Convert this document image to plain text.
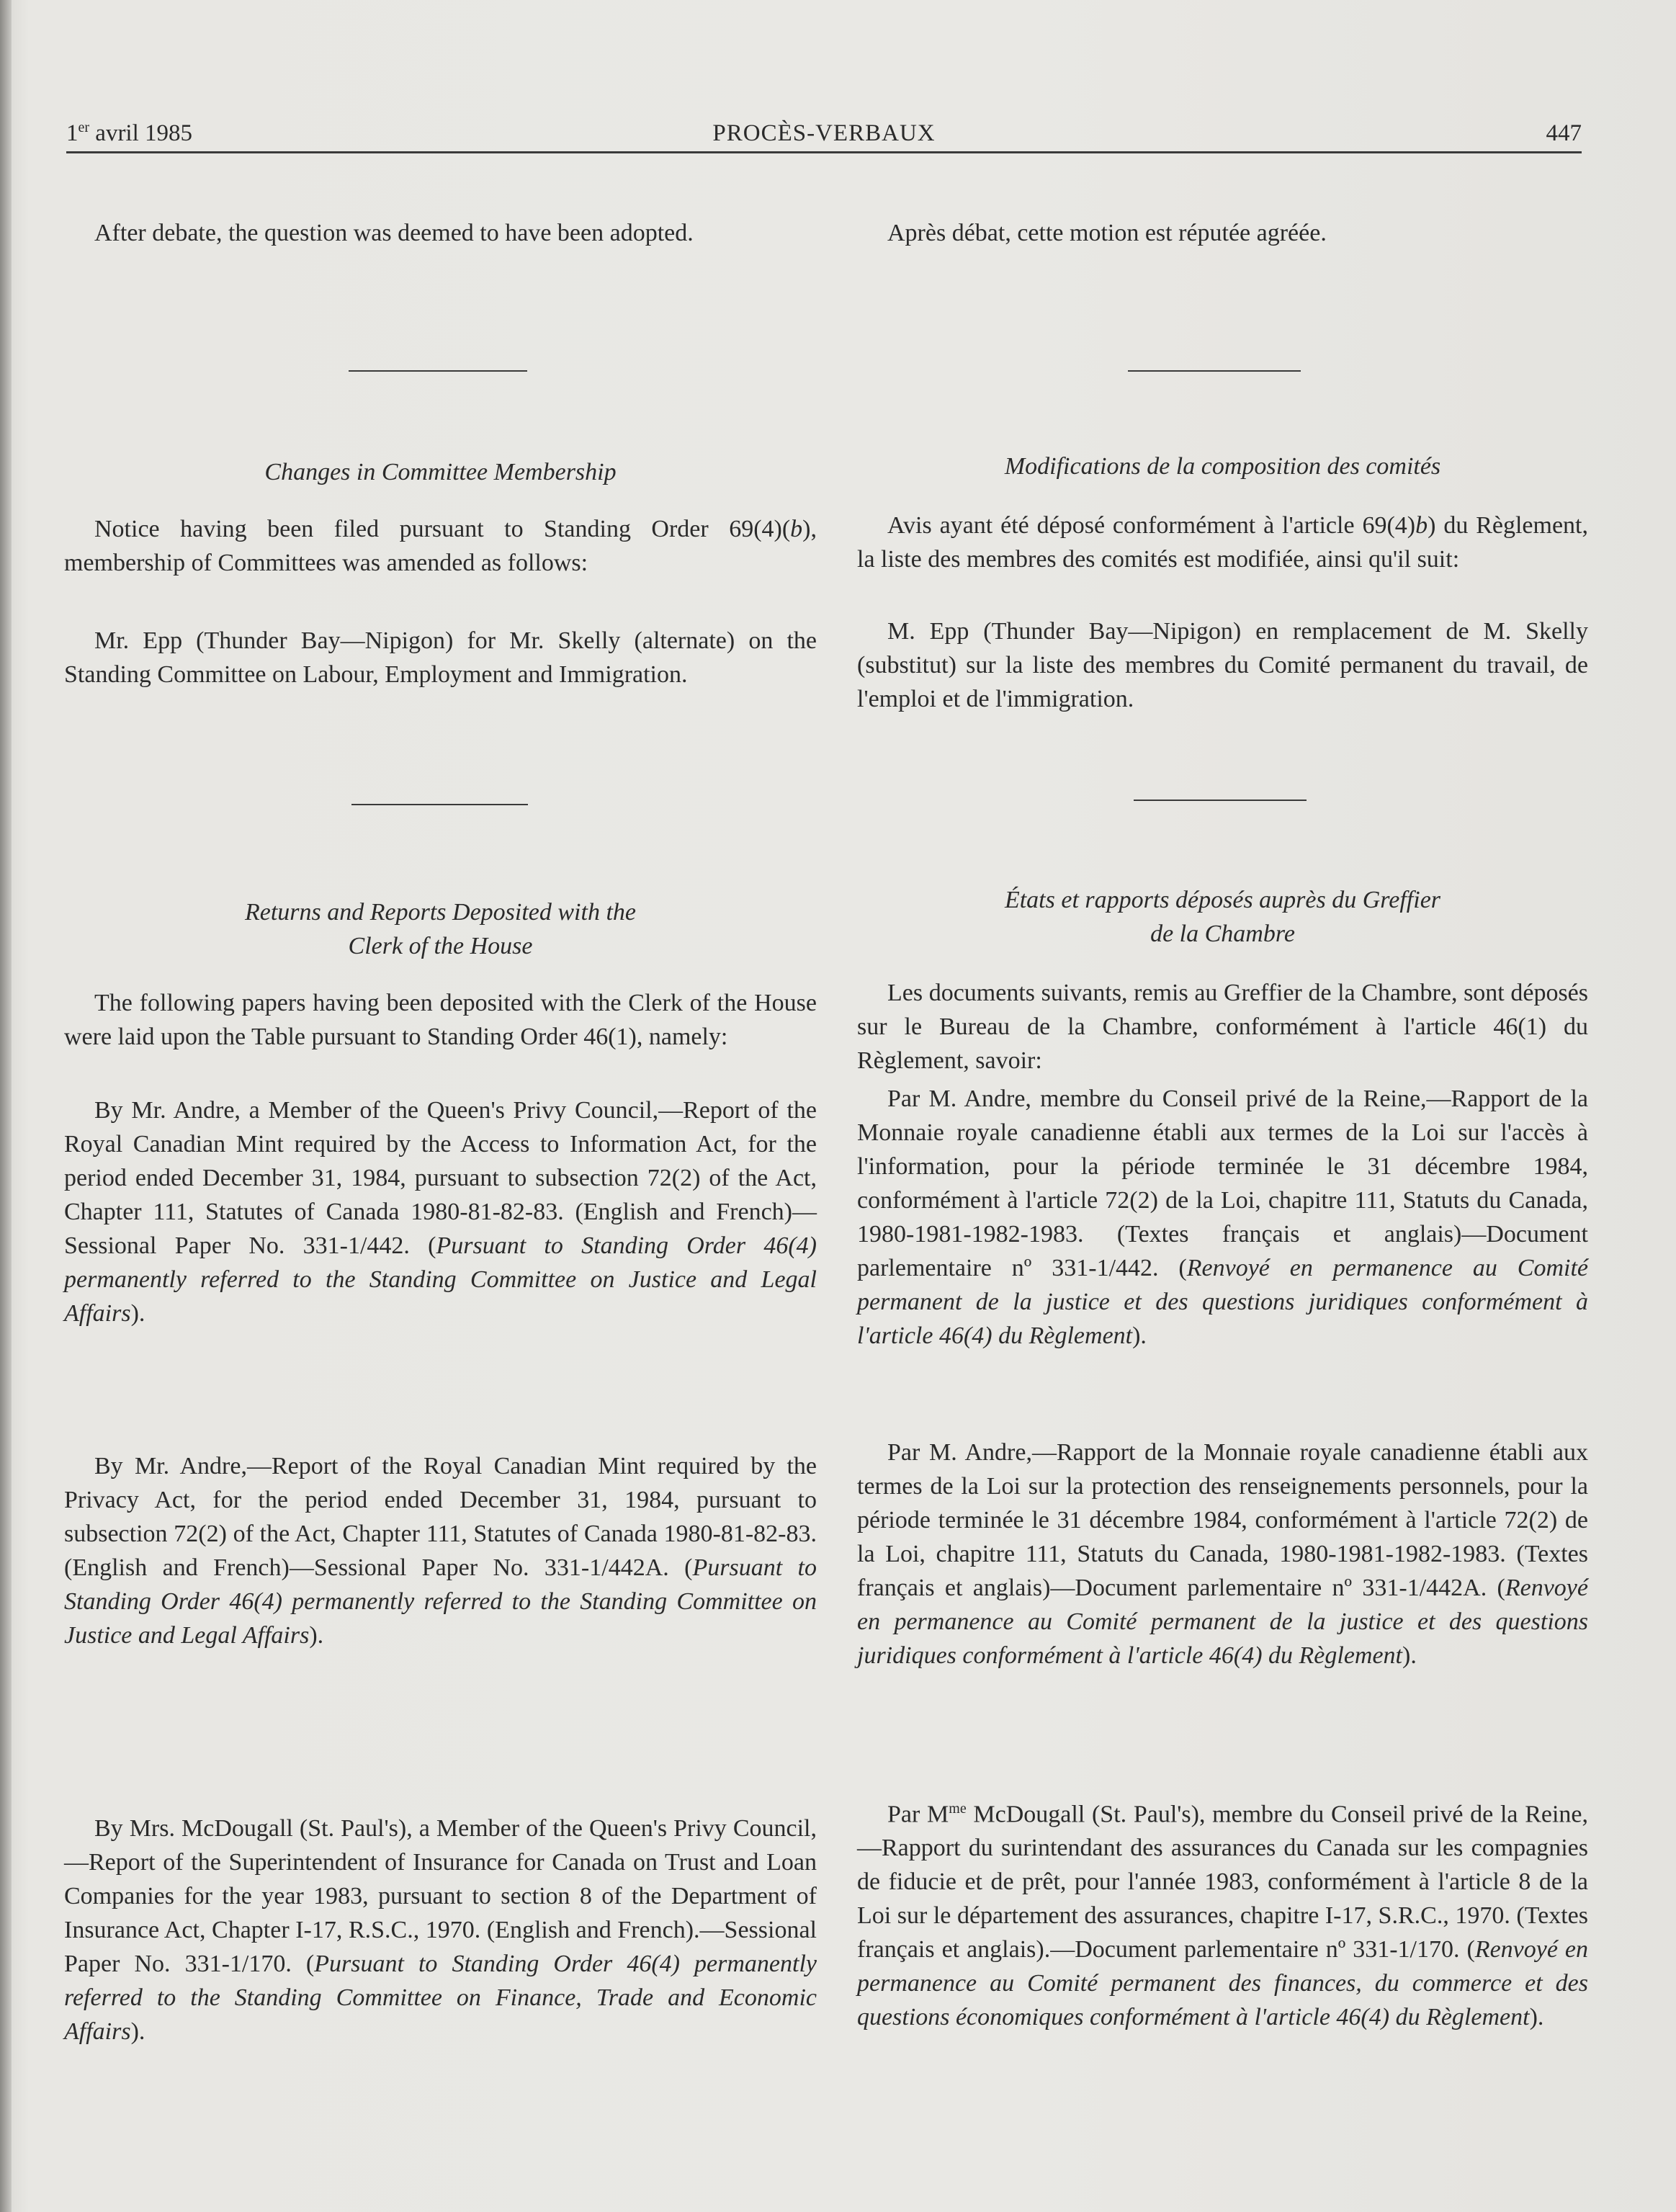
1er avril 1985	PROCÈS-VERBAUX	447

After debate, the question was deemed to have been adopted.

Changes in Committee Membership

Notice having been filed pursuant to Standing Order 69(4)(b), membership of Committees was amended as follows:

Mr. Epp (Thunder Bay—Nipigon) for Mr. Skelly (alternate) on the Standing Committee on Labour, Employment and Immigration.

Returns and Reports Deposited with the
Clerk of the House

The following papers having been deposited with the Clerk of the House were laid upon the Table pursuant to Standing Order 46(1), namely:

By Mr. Andre, a Member of the Queen's Privy Council,—Report of the Royal Canadian Mint required by the Access to Information Act, for the period ended December 31, 1984, pursuant to subsection 72(2) of the Act, Chapter 111, Statutes of Canada 1980-81-82-83. (English and French)—Sessional Paper No. 331-1/442. (Pursuant to Standing Order 46(4) permanently referred to the Standing Committee on Justice and Legal Affairs).

By Mr. Andre,—Report of the Royal Canadian Mint required by the Privacy Act, for the period ended December 31, 1984, pursuant to subsection 72(2) of the Act, Chapter 111, Statutes of Canada 1980-81-82-83. (English and French)—Sessional Paper No. 331-1/442A. (Pursuant to Standing Order 46(4) permanently referred to the Standing Committee on Justice and Legal Affairs).

By Mrs. McDougall (St. Paul's), a Member of the Queen's Privy Council,—Report of the Superintendent of Insurance for Canada on Trust and Loan Companies for the year 1983, pursuant to section 8 of the Department of Insurance Act, Chapter I-17, R.S.C., 1970. (English and French).—Sessional Paper No. 331-1/170. (Pursuant to Standing Order 46(4) permanently referred to the Standing Committee on Finance, Trade and Economic Affairs).

Après débat, cette motion est réputée agréée.

Modifications de la composition des comités

Avis ayant été déposé conformément à l'article 69(4)b) du Règlement, la liste des membres des comités est modifiée, ainsi qu'il suit:

M. Epp (Thunder Bay—Nipigon) en remplacement de M. Skelly (substitut) sur la liste des membres du Comité permanent du travail, de l'emploi et de l'immigration.

États et rapports déposés auprès du Greffier
de la Chambre

Les documents suivants, remis au Greffier de la Chambre, sont déposés sur le Bureau de la Chambre, conformément à l'article 46(1) du Règlement, savoir:

Par M. Andre, membre du Conseil privé de la Reine,—Rapport de la Monnaie royale canadienne établi aux termes de la Loi sur l'accès à l'information, pour la période terminée le 31 décembre 1984, conformément à l'article 72(2) de la Loi, chapitre 111, Statuts du Canada, 1980-1981-1982-1983. (Textes français et anglais)—Document parlementaire nº 331-1/442. (Renvoyé en permanence au Comité permanent de la justice et des questions juridiques conformément à l'article 46(4) du Règlement).

Par M. Andre,—Rapport de la Monnaie royale canadienne établi aux termes de la Loi sur la protection des renseignements personnels, pour la période terminée le 31 décembre 1984, conformément à l'article 72(2) de la Loi, chapitre 111, Statuts du Canada, 1980-1981-1982-1983. (Textes français et anglais)—Document parlementaire nº 331-1/442A. (Renvoyé en permanence au Comité permanent de la justice et des questions juridiques conformément à l'article 46(4) du Règlement).

Par $M^{me}$ McDougall (St. Paul's), membre du Conseil privé de la Reine,—Rapport du surintendant des assurances du Canada sur les compagnies de fiducie et de prêt, pour l'année 1983, conformément à l'article 8 de la Loi sur le département des assurances, chapitre I-17, S.R.C., 1970. (Textes français et anglais).—Document parlementaire nº 331-1/170. (Renvoyé en permanence au Comité permanent des finances, du commerce et des questions économiques conformément à l'article 46(4) du Règlement).
